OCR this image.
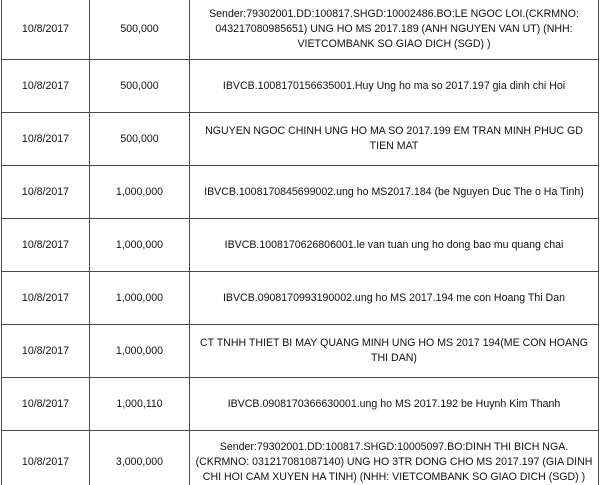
10/8/2017	500,000	Sender:79302001.DD:100817.SHGD:10002486.BO:LE NGOC LOI.(CKRMNO: 043217080985651) UNG HO MS 2017.189 (ANH NGUYEN VAN UT) (NHH: VIETCOMBANK SO GIAO DICH (SGD) )
10/8/2017	500,000	IBVCB.1008170156635001.Huy Ung ho ma so 2017.197 gia dinh chi Hoi
10/8/2017	500,000	NGUYEN NGOC CHINH UNG HO MA SO 2017.199 EM TRAN MINH PHUC GD TIEN MAT
10/8/2017	1,000,000	IBVCB.1008170845699002.ung ho MS2017.184 (be Nguyen Duc The o Ha Tinh)
10/8/2017	1,000,000	IBVCB.1008170626806001.le van tuan ung ho dong bao mu quang chai
10/8/2017	1,000,000	IBVCB.0908170993190002.ung ho MS 2017.194 me con Hoang Thi Dan
10/8/2017	1,000,000	CT TNHH THIET BI MAY QUANG MINH UNG HO MS 2017 194(ME CON HOANG THI DAN)
10/8/2017	1,000,110	IBVCB.0908170366630001.ung ho MS 2017.192 be Huynh Kim Thanh
10/8/2017	3,000,000	Sender:79302001.DD:100817.SHGD:10005097.BO:DINH THI BICH NGA.(CKRMNO: 031217081087140) UNG HO 3TR DONG CHO MS 2017.197 (GIA DINH CHI HOI CAM XUYEN HA TINH) (NHH: VIETCOMBANK SO GIAO DICH (SGD) )
